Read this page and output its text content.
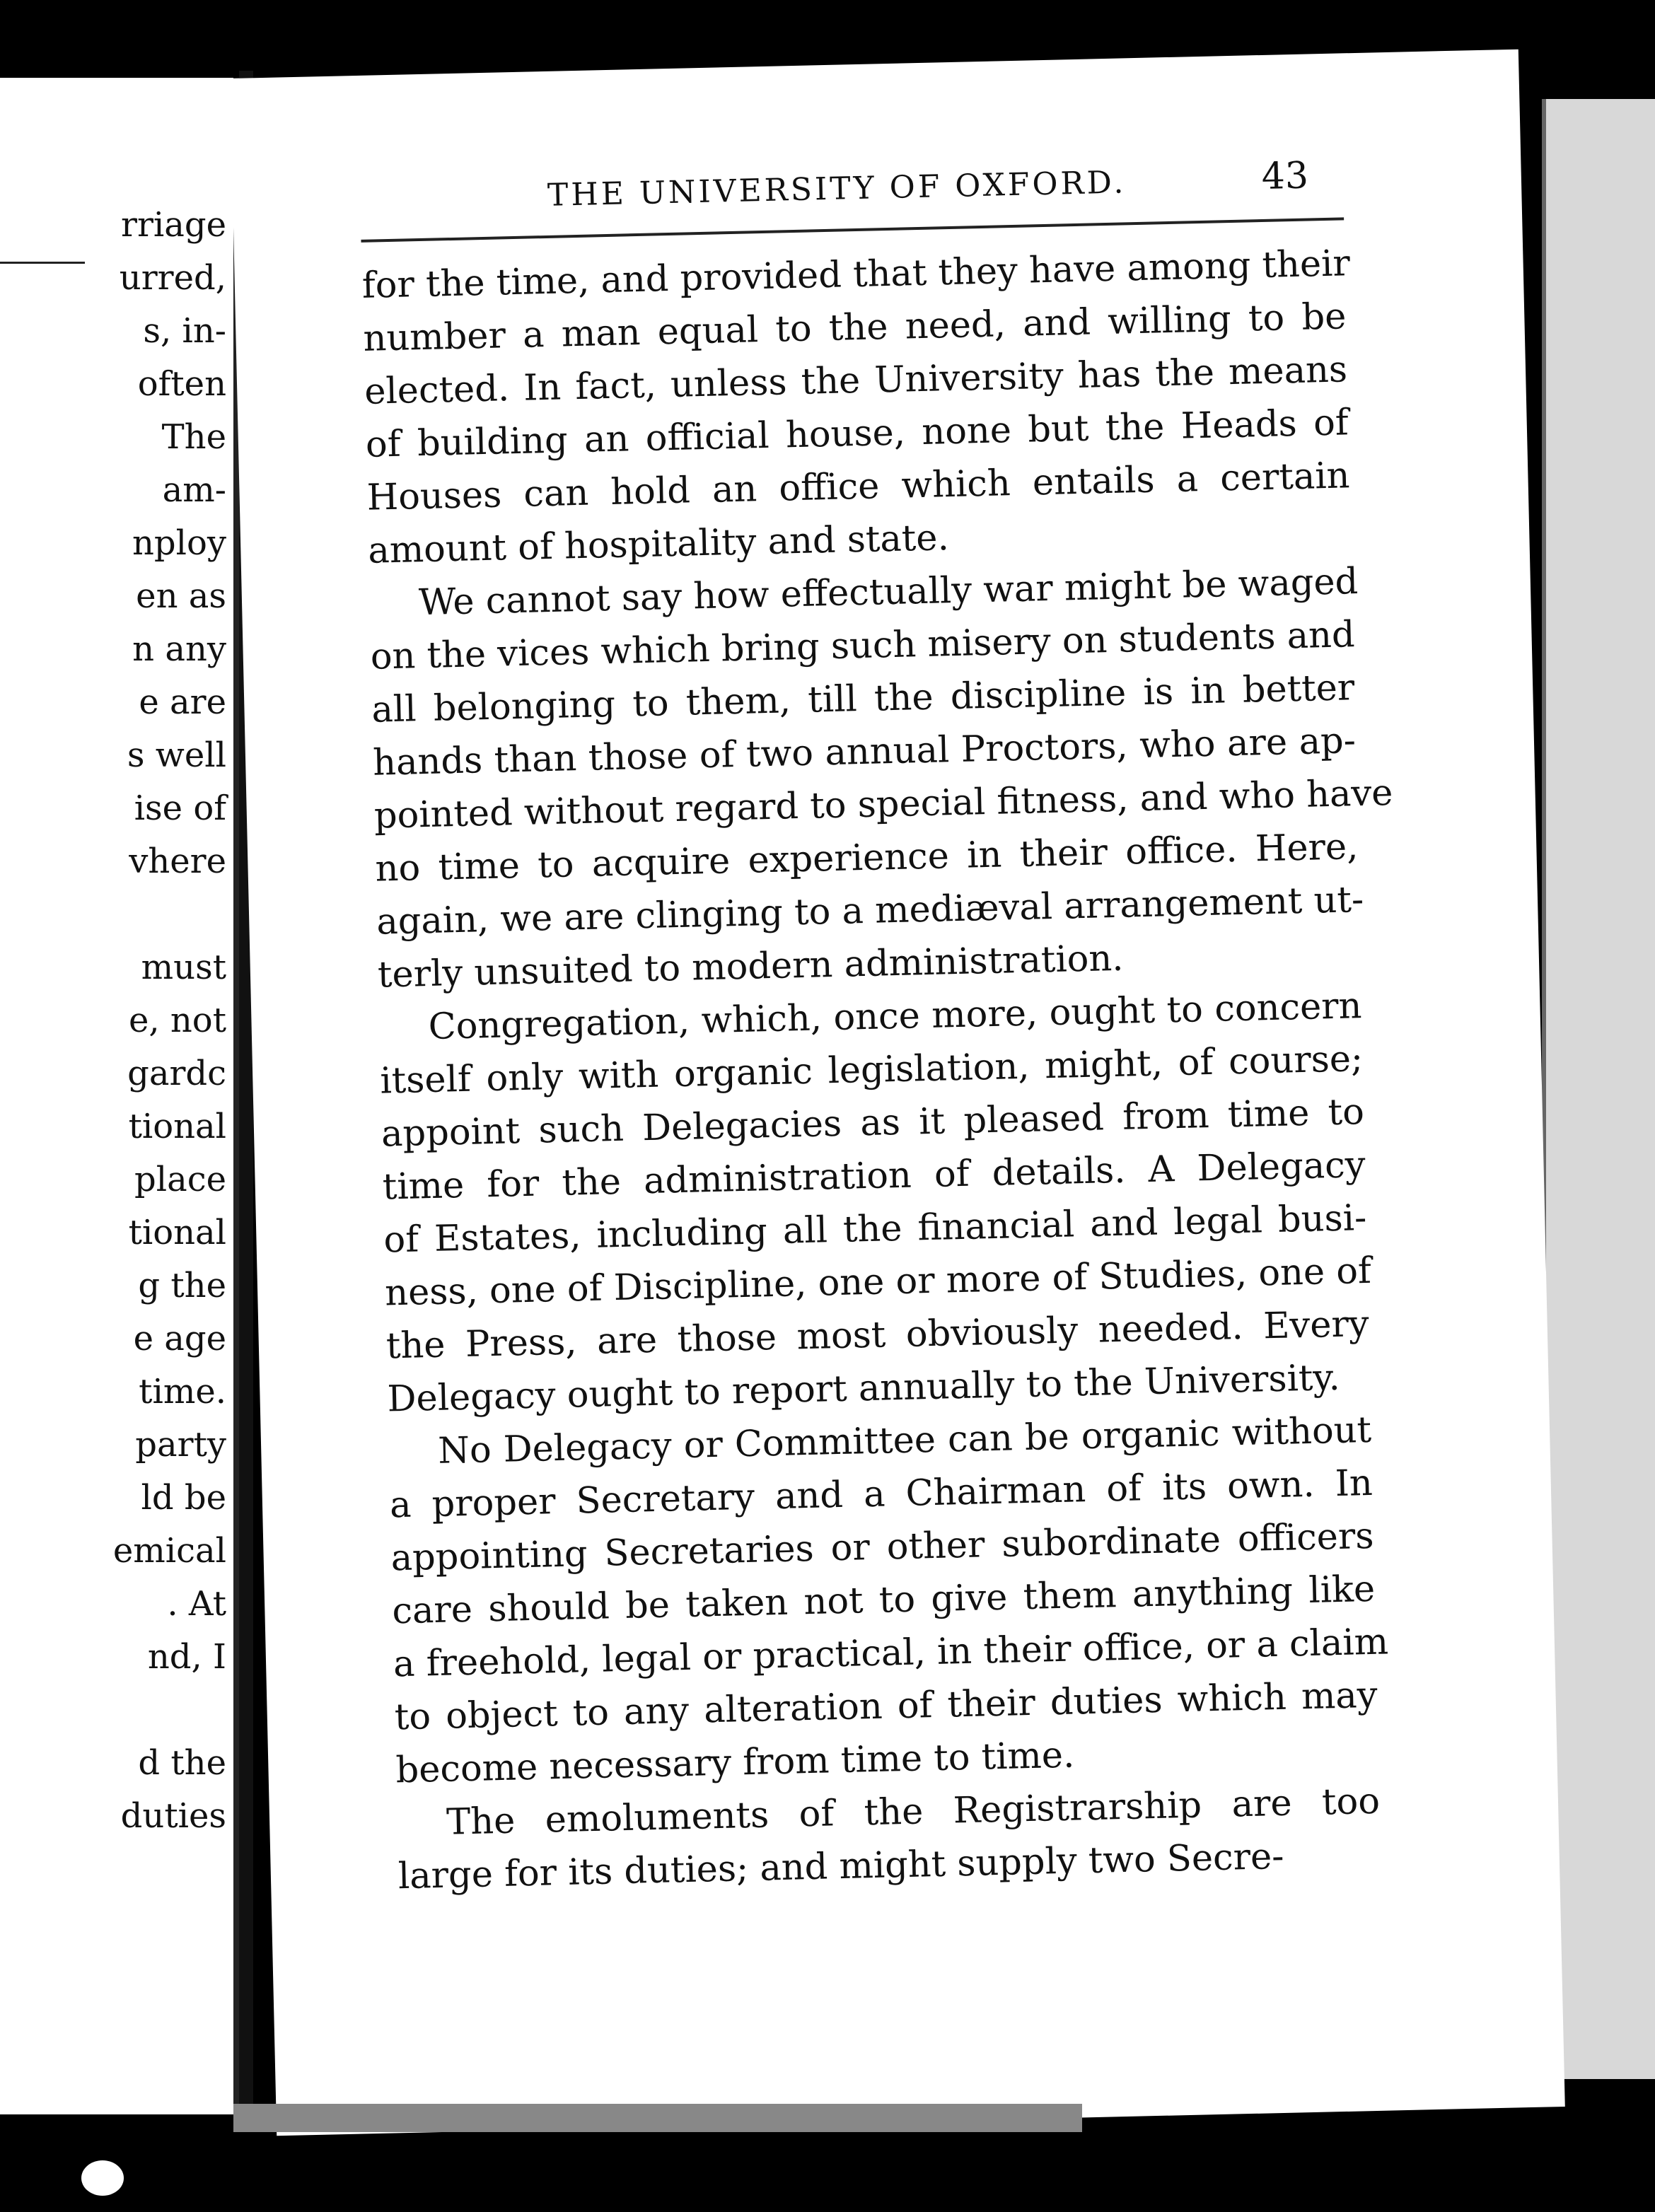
rriage
urred,
s, in-
often
The
am-
nploy
en as
n any
e are
s well
ise of
vhere
must
e, not
gardc
tional
place
tional
g the
e age
time.
party
ld be
emical
. At
nd, I
d the
duties
THE UNIVERSITY OF OXFORD.	43
for the time, and provided that they have among their
number a man equal to the need, and willing to be
elected. In fact, unless the University has the means
of building an official house, none but the Heads of
Houses can hold an office which entails a certain
amount of hospitality and state.
We cannot say how effectually war might be waged
on the vices which bring such misery on students and
all belonging to them, till the discipline is in better
hands than those of two annual Proctors, who are ap-
pointed without regard to special fitness, and who have
no time to acquire experience in their office. Here,
again, we are clinging to a mediæval arrangement ut-
terly unsuited to modern administration.
Congregation, which, once more, ought to concern
itself only with organic legislation, might, of course;
appoint such Delegacies as it pleased from time to
time for the administration of details. A Delegacy
of Estates, including all the financial and legal busi-
ness, one of Discipline, one or more of Studies, one of
the Press, are those most obviously needed. Every
Delegacy ought to report annually to the University.
No Delegacy or Committee can be organic without
a proper Secretary and a Chairman of its own. In
appointing Secretaries or other subordinate officers
care should be taken not to give them anything like
a freehold, legal or practical, in their office, or a claim
to object to any alteration of their duties which may
become necessary from time to time.
The emoluments of the Registrarship are too
large for its duties; and might supply two Secre-
